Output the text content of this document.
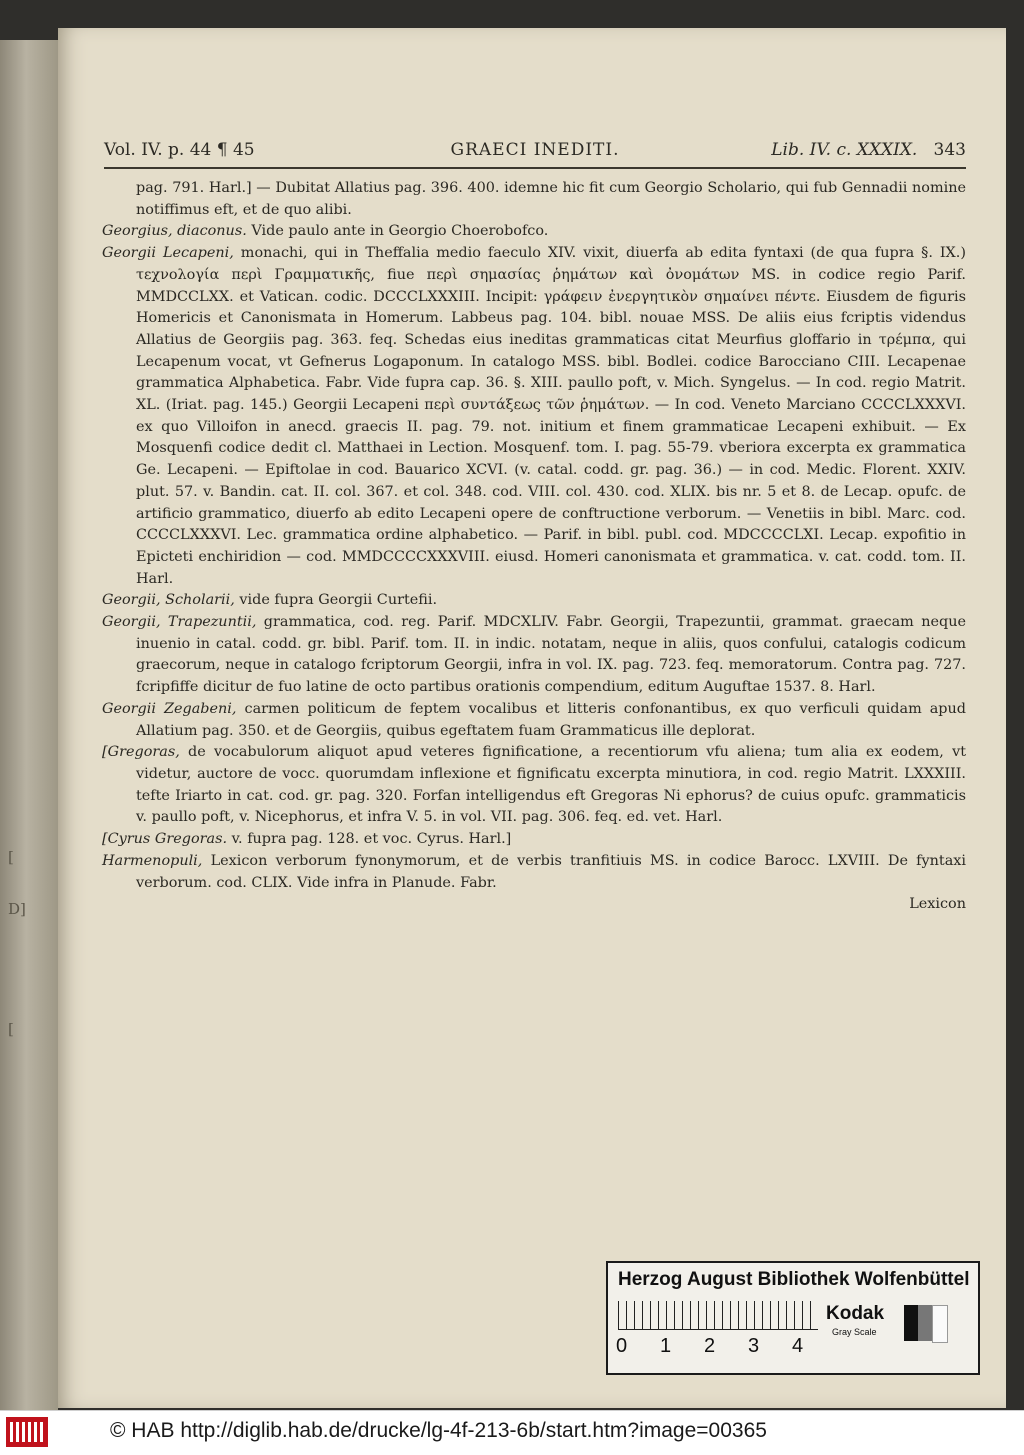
[
D]
[
Vol. IV. p. 44 ¶ 45	GRAECI INEDITI.	Lib. IV. c. XXXIX. 343

pag. 791. Harl.] — Dubitat Allatius pag. 396. 400. idemne hic fit cum Georgio Scholario, qui fub Gennadii nomine notiffimus eft, et de quo alibi.

Georgius, diaconus. Vide paulo ante in Georgio Choerobofco.

Georgii Lecapeni, monachi, qui in Theffalia medio faeculo XIV. vixit, diuerfa ab edita fyntaxi (de qua fupra §. IX.) τεχνολογία περὶ Γραμματικῆς, fiue περὶ σημασίας ῥημάτων καὶ ὀνομάτων MS. in codice regio Parif. MMDCCLXX. et Vatican. codic. DCCCLXXXIII. Incipit: γράφειν ἐνεργητικὸν σημαίνει πέντε. Eiusdem de figuris Homericis et Canonismata in Homerum. Labbeus pag. 104. bibl. nouae MSS. De aliis eius fcriptis videndus Allatius de Georgiis pag. 363. feq. Schedas eius ineditas grammaticas citat Meurfius gloffario in τρέμπα, qui Lecapenum vocat, vt Gefnerus Logaponum. In catalogo MSS. bibl. Bodlei. codice Barocciano CIII. Lecapenae grammatica Alphabetica. Fabr. Vide fupra cap. 36. §. XIII. paullo poft, v. Mich. Syngelus. — In cod. regio Matrit. XL. (Iriat. pag. 145.) Georgii Lecapeni περὶ συντάξεως τῶν ῥημάτων. — In cod. Veneto Marciano CCCCLXXXVI. ex quo Villoifon in anecd. graecis II. pag. 79. not. initium et finem grammaticae Lecapeni exhibuit. — Ex Mosquenfi codice dedit cl. Matthaei in Lection. Mosquenf. tom. I. pag. 55-79. vberiora excerpta ex grammatica Ge. Lecapeni. — Epiftolae in cod. Bauarico XCVI. (v. catal. codd. gr. pag. 36.) — in cod. Medic. Florent. XXIV. plut. 57. v. Bandin. cat. II. col. 367. et col. 348. cod. VIII. col. 430. cod. XLIX. bis nr. 5 et 8. de Lecap. opufc. de artificio grammatico, diuerfo ab edito Lecapeni opere de conftructione verborum. — Venetiis in bibl. Marc. cod. CCCCLXXXVI. Lec. grammatica ordine alphabetico. — Parif. in bibl. publ. cod. MDCCCCLXI. Lecap. expofitio in Epicteti enchiridion — cod. MMDCCCCXXXVIII. eiusd. Homeri canonismata et grammatica. v. cat. codd. tom. II. Harl.

Georgii, Scholarii, vide fupra Georgii Curtefii.

Georgii, Trapezuntii, grammatica, cod. reg. Parif. MDCXLIV. Fabr. Georgii, Trapezuntii, grammat. graecam neque inuenio in catal. codd. gr. bibl. Parif. tom. II. in indic. notatam, neque in aliis, quos confului, catalogis codicum graecorum, neque in catalogo fcriptorum Georgii, infra in vol. IX. pag. 723. feq. memoratorum. Contra pag. 727. fcripfiffe dicitur de fuo latine de octo partibus orationis compendium, editum Auguftae 1537. 8. Harl.

Georgii Zegabeni, carmen politicum de feptem vocalibus et litteris confonantibus, ex quo verficuli quidam apud Allatium pag. 350. et de Georgiis, quibus egeftatem fuam Grammaticus ille deplorat.

[Gregoras, de vocabulorum aliquot apud veteres fignificatione, a recentiorum vfu aliena; tum alia ex eodem, vt videtur, auctore de vocc. quorumdam inflexione et fignificatu excerpta minutiora, in cod. regio Matrit. LXXXIII. tefte Iriarto in cat. cod. gr. pag. 320. Forfan intelligendus eft Gregoras Ni ephorus? de cuius opufc. grammaticis v. paullo poft, v. Nicephorus, et infra V. 5. in vol. VII. pag. 306. feq. ed. vet. Harl.

[Cyrus Gregoras. v. fupra pag. 128. et voc. Cyrus. Harl.]

Harmenopuli, Lexicon verborum fynonymorum, et de verbis tranfitiuis MS. in codice Barocc. LXVIII. De fyntaxi verborum. cod. CLIX. Vide infra in Planude. Fabr.

Lexicon

Herzog August Bibliothek Wolfenbüttel
0 1 2 3 4
Kodak
Gray Scale
© HAB http://diglib.hab.de/drucke/lg-4f-213-6b/start.htm?image=00365
